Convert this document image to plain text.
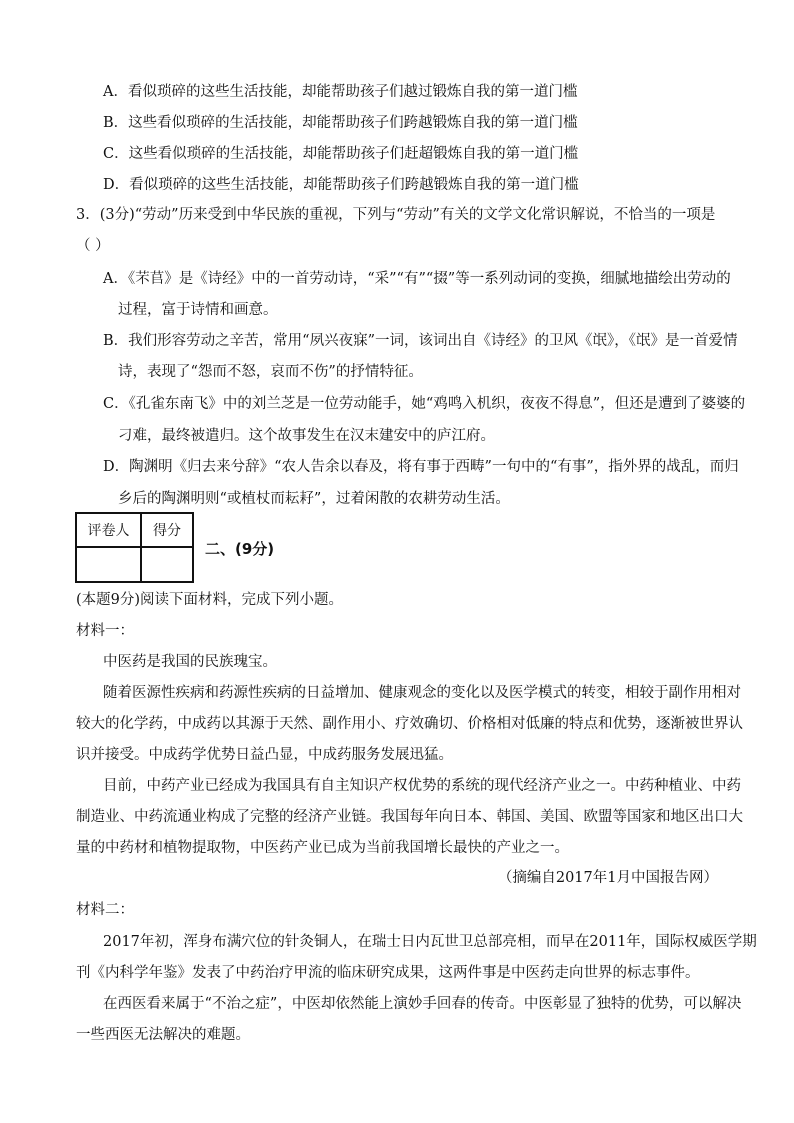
A．看似琐碎的这些生活技能，却能帮助孩子们越过锻炼自我的第一道门槛
B．这些看似琐碎的生活技能，却能帮助孩子们跨越锻炼自我的第一道门槛
C．这些看似琐碎的生活技能，却能帮助孩子们赶超锻炼自我的第一道门槛
D．看似琐碎的这些生活技能，却能帮助孩子们跨越锻炼自我的第一道门槛
3．(3分)“劳动”历来受到中华民族的重视，下列与“劳动”有关的文学文化常识解说，不恰当的一项是
（ ）
A．《芣苢》是《诗经》中的一首劳动诗，“采”“有”“掇”等一系列动词的变换，细腻地描绘出劳动的
过程，富于诗情和画意。
B．我们形容劳动之辛苦，常用“夙兴夜寐”一词，该词出自《诗经》的卫风《氓》，《氓》是一首爱情
诗，表现了“怨而不怒，哀而不伤”的抒情特征。
C．《孔雀东南飞》中的刘兰芝是一位劳动能手，她“鸡鸣入机织，夜夜不得息”，但还是遭到了婆婆的
刁难，最终被遣归。这个故事发生在汉末建安中的庐江府。
D．陶渊明《归去来兮辞》“农人告余以春及，将有事于西畴”一句中的“有事”，指外界的战乱，而归
乡后的陶渊明则“或植杖而耘耔”，过着闲散的农耕劳动生活。
评卷人	得分

二、(9分)
(本题9分)阅读下面材料，完成下列小题。
材料一：
中医药是我国的民族瑰宝。
随着医源性疾病和药源性疾病的日益增加、健康观念的变化以及医学模式的转变，相较于副作用相对
较大的化学药，中成药以其源于天然、副作用小、疗效确切、价格相对低廉的特点和优势，逐渐被世界认
识并接受。中成药学优势日益凸显，中成药服务发展迅猛。
目前，中药产业已经成为我国具有自主知识产权优势的系统的现代经济产业之一。中药种植业、中药
制造业、中药流通业构成了完整的经济产业链。我国每年向日本、韩国、美国、欧盟等国家和地区出口大
量的中药材和植物提取物，中医药产业已成为当前我国增长最快的产业之一。
（摘编自2017年1月中国报告网）
材料二：
2017年初，浑身布满穴位的针灸铜人，在瑞士日内瓦世卫总部亮相，而早在2011年，国际权威医学期
刊《内科学年鉴》发表了中药治疗甲流的临床研究成果，这两件事是中医药走向世界的标志事件。
在西医看来属于“不治之症”，中医却依然能上演妙手回春的传奇。中医彰显了独特的优势，可以解决
一些西医无法解决的难题。
